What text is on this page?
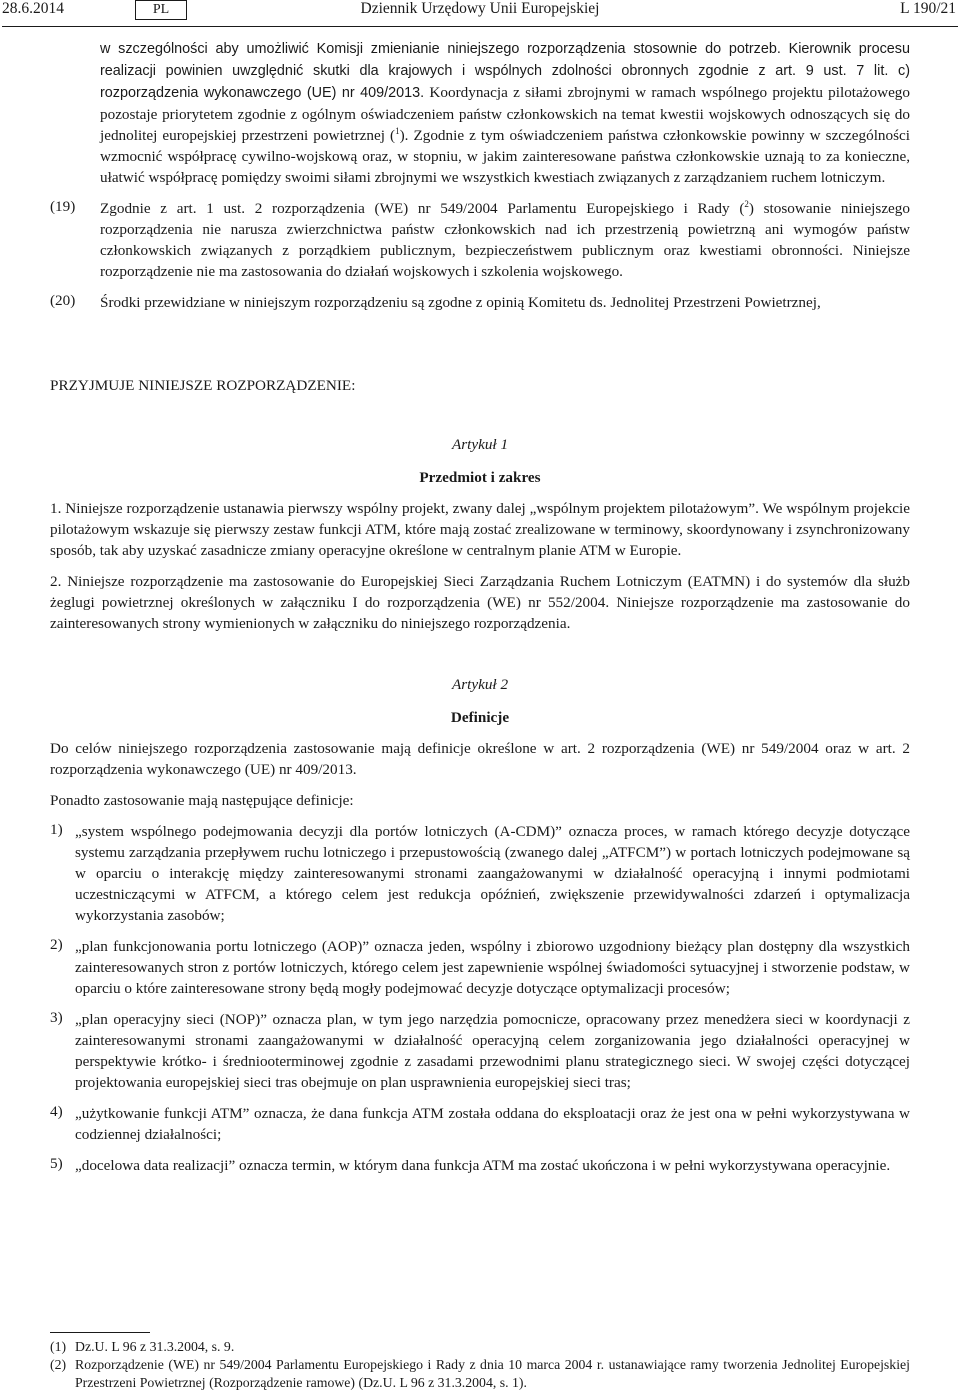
28.6.2014	PL	Dziennik Urzędowy Unii Europejskiej	L 190/21

w szczególności aby umożliwić Komisji zmienianie niniejszego rozporządzenia stosownie do potrzeb. Kierownik procesu realizacji powinien uwzględnić skutki dla krajowych i wspólnych zdolności obronnych zgodnie z art. 9 ust. 7 lit. c) rozporządzenia wykonawczego (UE) nr 409/2013. Koordynacja z siłami zbrojnymi w ramach wspólnego projektu pilotażowego pozostaje priorytetem zgodnie z ogólnym oświadczeniem państw członkowskich na temat kwestii wojskowych odnoszących się do jednolitej europejskiej przestrzeni powietrznej ($^1$). Zgodnie z tym oświadczeniem państwa członkowskie powinny w szczególności wzmocnić współpracę cywilno-wojskową oraz, w stopniu, w jakim zainteresowane państwa członkowskie uznają to za konieczne, ułatwić współpracę pomiędzy swoimi siłami zbrojnymi we wszystkich kwestiach związanych z zarządzaniem ruchem lotniczym.

(19)	Zgodnie z art. 1 ust. 2 rozporządzenia (WE) nr 549/2004 Parlamentu Europejskiego i Rady ($^2$) stosowanie niniejszego rozporządzenia nie narusza zwierzchnictwa państw członkowskich nad ich przestrzenią powietrzną ani wymogów państw członkowskich związanych z porządkiem publicznym, bezpieczeństwem publicznym oraz kwestiami obronności. Niniejsze rozporządzenie nie ma zastosowania do działań wojskowych i szkolenia wojskowego.

(20)	Środki przewidziane w niniejszym rozporządzeniu są zgodne z opinią Komitetu ds. Jednolitej Przestrzeni Powietrznej,

PRZYJMUJE NINIEJSZE ROZPORZĄDZENIE:

Artykuł 1

Przedmiot i zakres

1. Niniejsze rozporządzenie ustanawia pierwszy wspólny projekt, zwany dalej „wspólnym projektem pilotażowym”. We wspólnym projekcie pilotażowym wskazuje się pierwszy zestaw funkcji ATM, które mają zostać zrealizowane w terminowy, skoordynowany i zsynchronizowany sposób, tak aby uzyskać zasadnicze zmiany operacyjne określone w centralnym planie ATM w Europie.

2. Niniejsze rozporządzenie ma zastosowanie do Europejskiej Sieci Zarządzania Ruchem Lotniczym (EATMN) i do systemów dla służb żeglugi powietrznej określonych w załączniku I do rozporządzenia (WE) nr 552/2004. Niniejsze rozporządzenie ma zastosowanie do zainteresowanych strony wymienionych w załączniku do niniejszego rozporządzenia.

Artykuł 2

Definicje

Do celów niniejszego rozporządzenia zastosowanie mają definicje określone w art. 2 rozporządzenia (WE) nr 549/2004 oraz w art. 2 rozporządzenia wykonawczego (UE) nr 409/2013.

Ponadto zastosowanie mają następujące definicje:

1) „system wspólnego podejmowania decyzji dla portów lotniczych (A-CDM)” oznacza proces, w ramach którego decyzje dotyczące systemu zarządzania przepływem ruchu lotniczego i przepustowością (zwanego dalej „ATFCM”) w portach lotniczych podejmowane są w oparciu o interakcję między zainteresowanymi stronami zaangażowanymi w działalność operacyjną i innymi podmiotami uczestniczącymi w ATFCM, a którego celem jest redukcja opóźnień, zwiększenie przewidywalności zdarzeń i optymalizacja wykorzystania zasobów;

2) „plan funkcjonowania portu lotniczego (AOP)” oznacza jeden, wspólny i zbiorowo uzgodniony bieżący plan dostępny dla wszystkich zainteresowanych stron z portów lotniczych, którego celem jest zapewnienie wspólnej świadomości sytuacyjnej i stworzenie podstaw, w oparciu o które zainteresowane strony będą mogły podejmować decyzje dotyczące optymalizacji procesów;

3) „plan operacyjny sieci (NOP)” oznacza plan, w tym jego narzędzia pomocnicze, opracowany przez menedżera sieci w koordynacji z zainteresowanymi stronami zaangażowanymi w działalność operacyjną celem zorganizowania jego działalności operacyjnej w perspektywie krótko- i średniooterminowej zgodnie z zasadami przewodnimi planu strategicznego sieci. W swojej części dotyczącej projektowania europejskiej sieci tras obejmuje on plan usprawnienia europejskiej sieci tras;

4) „użytkowanie funkcji ATM” oznacza, że dana funkcja ATM została oddana do eksploatacji oraz że jest ona w pełni wykorzystywana w codziennej działalności;

5) „docelowa data realizacji” oznacza termin, w którym dana funkcja ATM ma zostać ukończona i w pełni wykorzystywana operacyjnie.

(1) Dz.U. L 96 z 31.3.2004, s. 9.
(2) Rozporządzenie (WE) nr 549/2004 Parlamentu Europejskiego i Rady z dnia 10 marca 2004 r. ustanawiające ramy tworzenia Jednolitej Europejskiej Przestrzeni Powietrznej (Rozporządzenie ramowe) (Dz.U. L 96 z 31.3.2004, s. 1).
